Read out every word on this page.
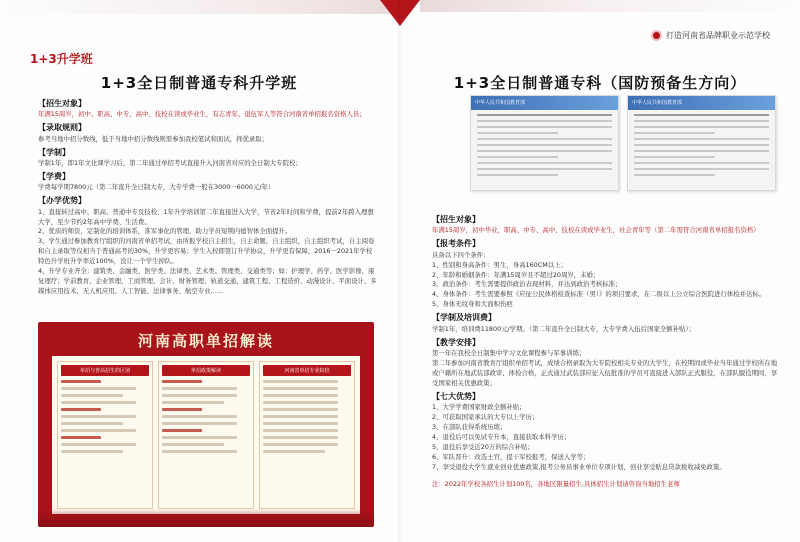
打造河南省品牌职业示范学校
1+3升学班
1+3全日制普通专科升学班	1+3全日制普通专科（国防预备生方向）
【招生对象】
年满15周岁，初中、职高、中专、高中、技校在读或毕业生，有志青年、退伍军人等符合河南省单招报名资格人员；
【录取规则】
参考当地中招分数线，低于当地中招分数线则需参加我校笔试和面试，择优录取；
【学制】
学制1年，即1年文化课学习后，第二年通过单招考试直接升入河南省对应的全日制大专院校；
【学费】
学费每学期7800元（第二年直升全日制大专，大专学费一般在3000一6000元/年）
【办学优势】
1、直接转过高中、职高、普通中专及技校、1年升学培训第二年直接进入大学，节省2年时间和学费，提前2年跨入理想大学，至少节约2年高中学费、生活费。
2、优质的师资，定制化的培训体系，准军事化的管理，助力学员短期内德智体全面提升。
3、学生通过参加教育厅组织的河南省单招考试，由所报学校自主招生，自主命题，自主组织，自主组织考试，自主阅卷和自主录取等仅相当于普通高考的30%，升学更容易；学生入校即签订升学协议，升学更有保障，2016一2021年学校特色升学班升学率近100%，没让一个学生掉队。
4、升学专业齐全：建筑类、金融类、医学类、法律类、艺术类、管理类、交通类等；如：护理学、药学、医学影像、康复理疗；学前教育、企业管理、工商管理、会计、财务管理、轨道交通、建筑工程、工程造价、动漫设计、平面设计、多媒体应用技术、无人机应用、人工智能、法律事务、航空专业……
河南高职单招解读
单招与普高招生的区别	单招政策解读	河南省单招专业院校
中华人民共和国教育部	中华人民共和国教育部
【招生对象】
年满15周岁，初中毕业，职高、中专、高中、技校在读或毕业生，社会青年等（第二年需符合河南省单招报名资格）
【报考条件】
具备以下四个条件：
1、性别和身高条件：男生，身高160CM以上；
2、年龄和婚姻条件：年满15周岁且不超过20周岁，未婚；
3、政治条件：考生需要提供政治表现材料，并达到政治考核标准；
4、身体条件：考生需要参照《应征公民体格检查标准（男）》的项目要求，在二级以上公立综合医院进行体检并达标。
5、身体无纹身和大面积伤疤
【学制及培训费】
学制1年，培训费11800元/学期。（第二年直升全日制大专，大专学费入伍后国家全额补贴）；
【教学安排】
第一年在我校全日制集中学习文化课程参与军事训练；
第二年参加河南省教育厅组织单招考试，成绩合格录取为大专院校相关专业的大学生，在校期间或毕业当年通过学校所在地或户籍所在地武装部政审、体检合格，正式通过武装部应征入伍批准的学员可直接进入部队正式服役，在部队服役期间，享受国家相关优惠政策；
【七大优势】
1、大学学费国家财政全额补贴；
2、可获取国家承认的大专以上学历；
3、在部队获得系统历练；
4、退役后可以免试专升本，直接获取本科学历；
5、退役后享受近20万的综合补贴；
6、军队晋升：改选士官，提干军校报考，保送入学等；
7、享受退役大学生就业创业优惠政策,报考公务员事业单位专项计划，创业享受贴息贷款税收减免政策。
注：2022年学校各招生计划100名，各地区限量招生,具体招生计划请咨询当地招生老师
